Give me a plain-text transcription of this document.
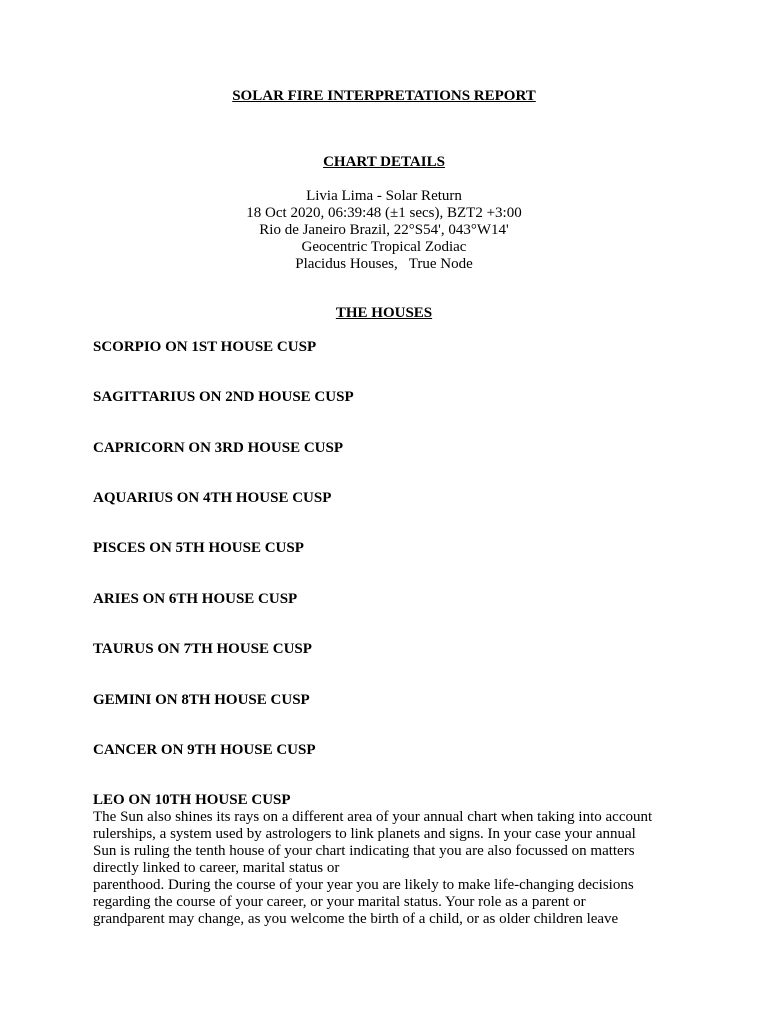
SOLAR FIRE INTERPRETATIONS REPORT
CHART DETAILS
Livia Lima - Solar Return
18 Oct 2020, 06:39:48 (±1 secs), BZT2 +3:00
Rio de Janeiro Brazil, 22°S54', 043°W14'
Geocentric Tropical Zodiac
Placidus Houses,   True Node
THE HOUSES
SCORPIO ON 1ST HOUSE CUSP
SAGITTARIUS ON 2ND HOUSE CUSP
CAPRICORN ON 3RD HOUSE CUSP
AQUARIUS ON 4TH HOUSE CUSP
PISCES ON 5TH HOUSE CUSP
ARIES ON 6TH HOUSE CUSP
TAURUS ON 7TH HOUSE CUSP
GEMINI ON 8TH HOUSE CUSP
CANCER ON 9TH HOUSE CUSP
LEO ON 10TH HOUSE CUSP
The Sun also shines its rays on a different area of your annual chart when taking into account
rulerships, a system used by astrologers to link planets and signs. In your case your annual
Sun is ruling the tenth house of your chart indicating that you are also focussed on matters
directly linked to career, marital status or
parenthood. During the course of your year you are likely to make life-changing decisions
regarding the course of your career, or your marital status. Your role as a parent or
grandparent may change, as you welcome the birth of a child, or as older children leave
